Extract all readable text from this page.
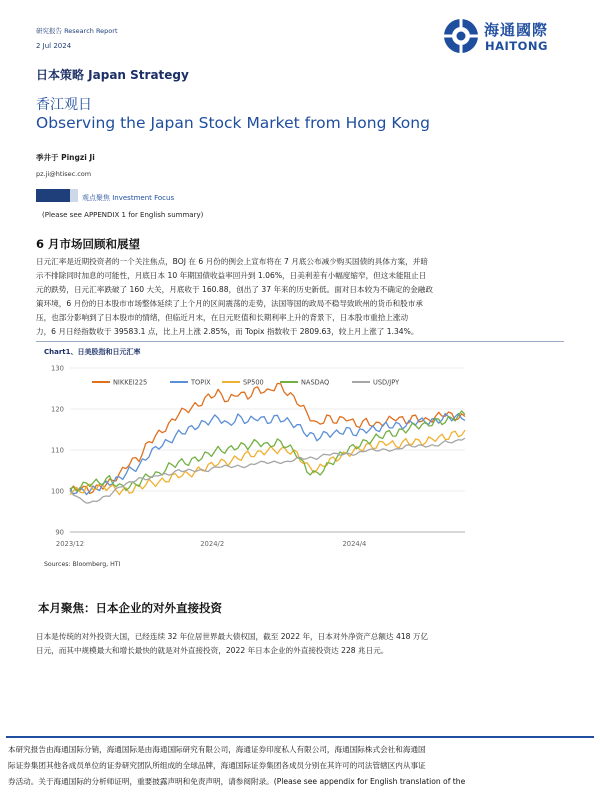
研究报告 Research Report
2 Jul 2024
海通國際
HAITONG
日本策略 Japan Strategy
香江观日
Observing the Japan Stock Market from Hong Kong
季井于 Pingzi Ji
pz.ji@htisec.com
观点聚焦 Investment Focus
(Please see APPENDIX 1 for English summary)
6 月市场回顾和展望
日元汇率是近期投资者的一个关注焦点，BOJ 在 6 月份的例会上宣布将在 7 月底公布减少购买国债的具体方案，并暗
示不排除同时加息的可能性，月底日本 10 年期国债收益率回升到 1.06%，日美利差有小幅度缩窄，但这未能阻止日
元的跌势，日元汇率跌破了 160 大关，月底收于 160.88，创出了 37 年来的历史新低。面对日本较为不确定的金融政
策环境，6 月份的日本股市市场整体延续了上个月的区间震荡的走势，法国等国的政局不稳导致欧州的货币和股市承
压，也部分影响到了日本股市的情绪，但临近月末，在日元贬值和长期利率上升的背景下，日本股市重拾上涨动
力，6 月日经指数收于 39583.1 点，比上月上涨 2.85%，而 Topix 指数收于 2809.63，较上月上涨了 1.34%。
Chart1、日美股指和日元汇率
90
100
110
120
130
2023/12	2024/2	2024/4
NIKKEI225	TOPIX	SP500	NASDAQ	USD/JPY
Sources: Bloomberg, HTI
本月聚焦：日本企业的对外直接投资
日本是传统的对外投资大国，已经连续 32 年位居世界最大债权国，截至 2022 年，日本对外净资产总额达 418 万亿
日元，而其中规模最大和增长最快的就是对外直接投资，2022 年日本企业的外直接投资达 228 兆日元。
本研究报告由海通国际分销，海通国际是由海通国际研究有限公司，海通证券印度私人有限公司，海通国际株式会社和海通国
际证券集团其他各成员单位的证券研究团队所组成的全球品牌，海通国际证券集团各成员分别在其许可的司法管辖区内从事证
券活动。关于海通国际的分析师证明，重要披露声明和免责声明，请参阅附录。(Please see appendix for English translation of the
